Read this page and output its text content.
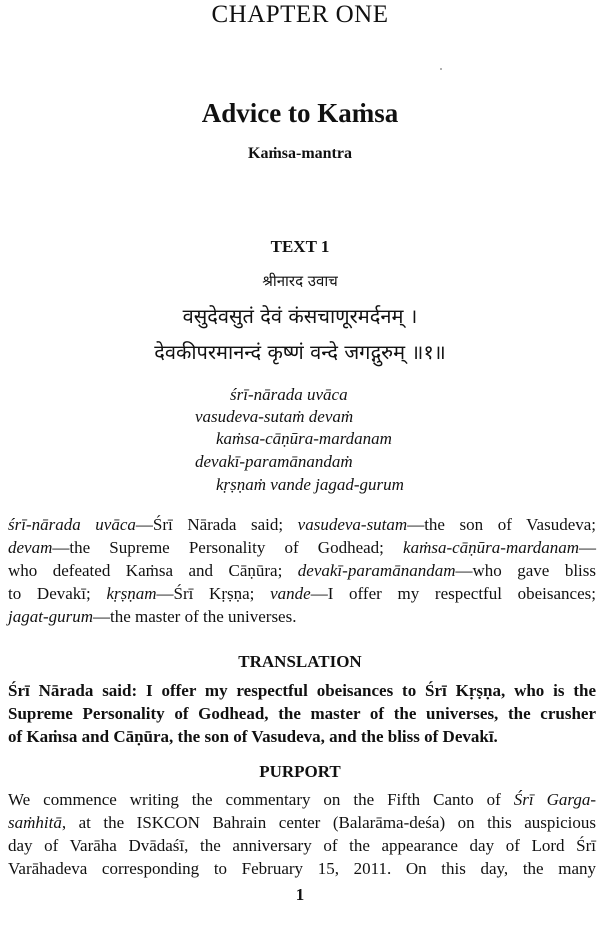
CHAPTER ONE
Advice to Kaṁsa
Kaṁsa-mantra
TEXT 1
श्रीनारद उवाच
वसुदेवसुतं देवं कंसचाणूरमर्दनम् ।
देवकीपरमानन्दं कृष्णं वन्दे जगद्गुरुम् ॥१॥
śrī-nārada uvāca
vasudeva-sutaṁ devaṁ
kaṁsa-cāṇūra-mardanam
devakī-paramānandaṁ
kṛṣṇaṁ vande jagad-gurum
śrī-nārada uvāca—Śrī Nārada said; vasudeva-sutam—the son of Vasudeva;
devam—the Supreme Personality of Godhead; kaṁsa-cāṇūra-mardanam—
who defeated Kaṁsa and Cāṇūra; devakī-paramānandam—who gave bliss
to Devakī; kṛṣṇam—Śrī Kṛṣṇa; vande—I offer my respectful obeisances;
jagat-gurum—the master of the universes.
TRANSLATION
Śrī Nārada said: I offer my respectful obeisances to Śrī Kṛṣṇa, who is the
Supreme Personality of Godhead, the master of the universes, the crusher
of Kaṁsa and Cāṇūra, the son of Vasudeva, and the bliss of Devakī.
PURPORT
We commence writing the commentary on the Fifth Canto of Śrī Garga-
saṁhitā, at the ISKCON Bahrain center (Balarāma-deśa) on this auspicious
day of Varāha Dvādaśī, the anniversary of the appearance day of Lord Śrī
Varāhadeva corresponding to February 15, 2011. On this day, the many
1
